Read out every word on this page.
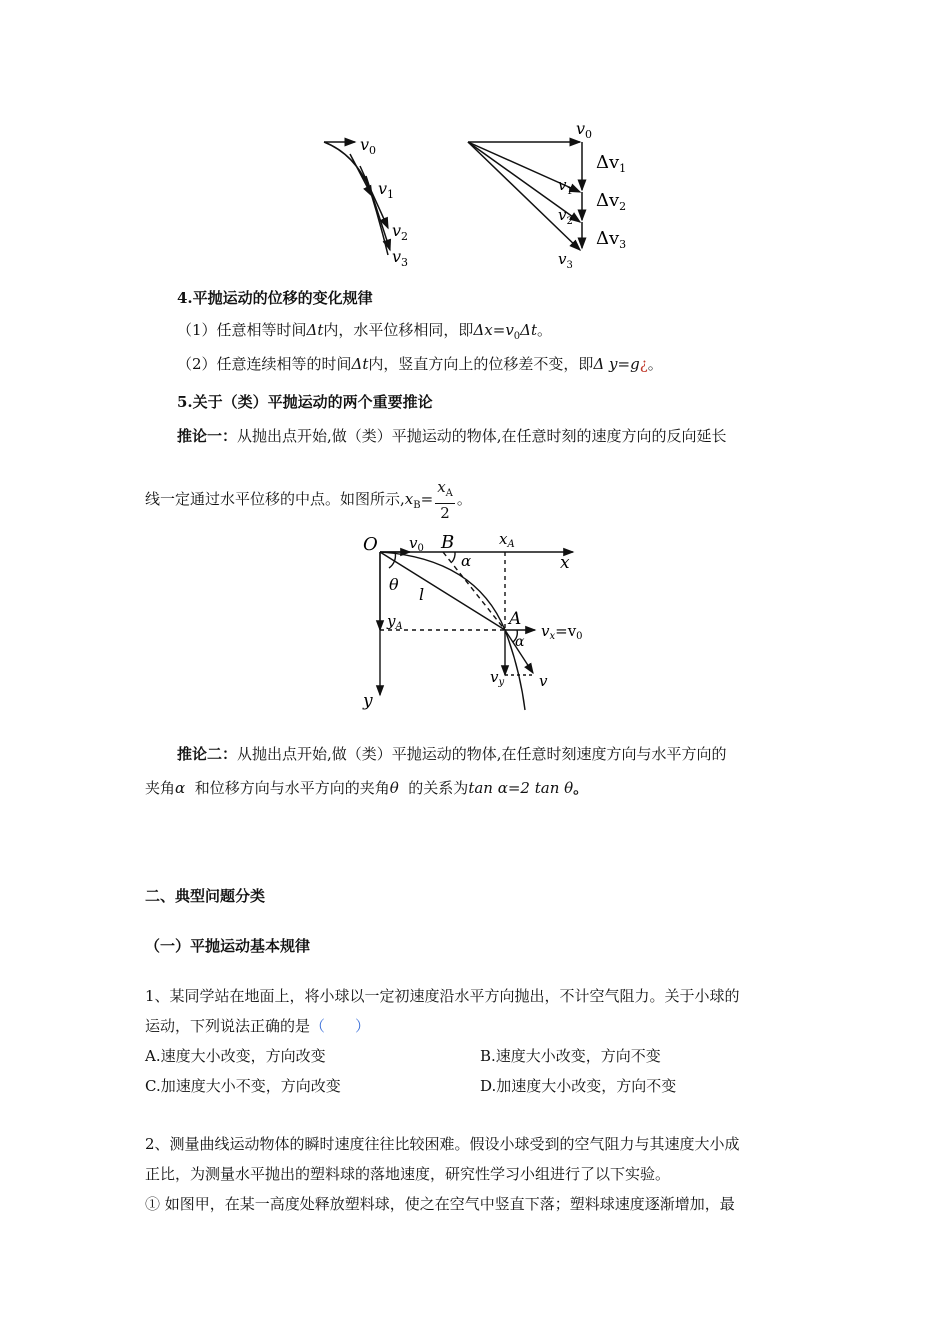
$v_0$
$v_1$
$v_2$
$v_3$
$v_0$
$v_1$
$v_2$
$v_3$
$\Delta v_1$
$\Delta v_2$
$\Delta v_3$
4.平抛运动的位移的变化规律
（1）任意相等时间Δt内，水平位移相同，即$\Delta x=v_0\Delta t$。
（2）任意连续相等的时间Δt内，竖直方向上的位移差不变，即Δ y=g¿。
5.关于（类）平抛运动的两个重要推论
推论一：从抛出点开始,做（类）平抛运动的物体,在任意时刻的速度方向的反向延长
线一定通过水平位移的中点。如图所示$,x_B= \frac{x_A}{2}$ 。
O $v_0$ B	$x_A$
x
α
θ
l
$y_A$	A
$v_x=v_0$
α
$v_y$ v
y
推论二：从抛出点开始,做（类）平抛运动的物体,在任意时刻速度方向与水平方向的
夹角α 和位移方向与水平方向的夹角θ 的关系为tan α=2 tan θ。
二、典型问题分类
（一）平抛运动基本规律
1、某同学站在地面上，将小球以一定初速度沿水平方向抛出，不计空气阻力。关于小球的
运动，下列说法正确的是（　　）
A.速度大小改变，方向改变	B.速度大小改变，方向不变
C.加速度大小不变，方向改变	D.加速度大小改变，方向不变
2、测量曲线运动物体的瞬时速度往往比较困难。假设小球受到的空气阻力与其速度大小成
正比，为测量水平抛出的塑料球的落地速度，研究性学习小组进行了以下实验。
① 如图甲，在某一高度处释放塑料球，使之在空气中竖直下落；塑料球速度逐渐增加，最
